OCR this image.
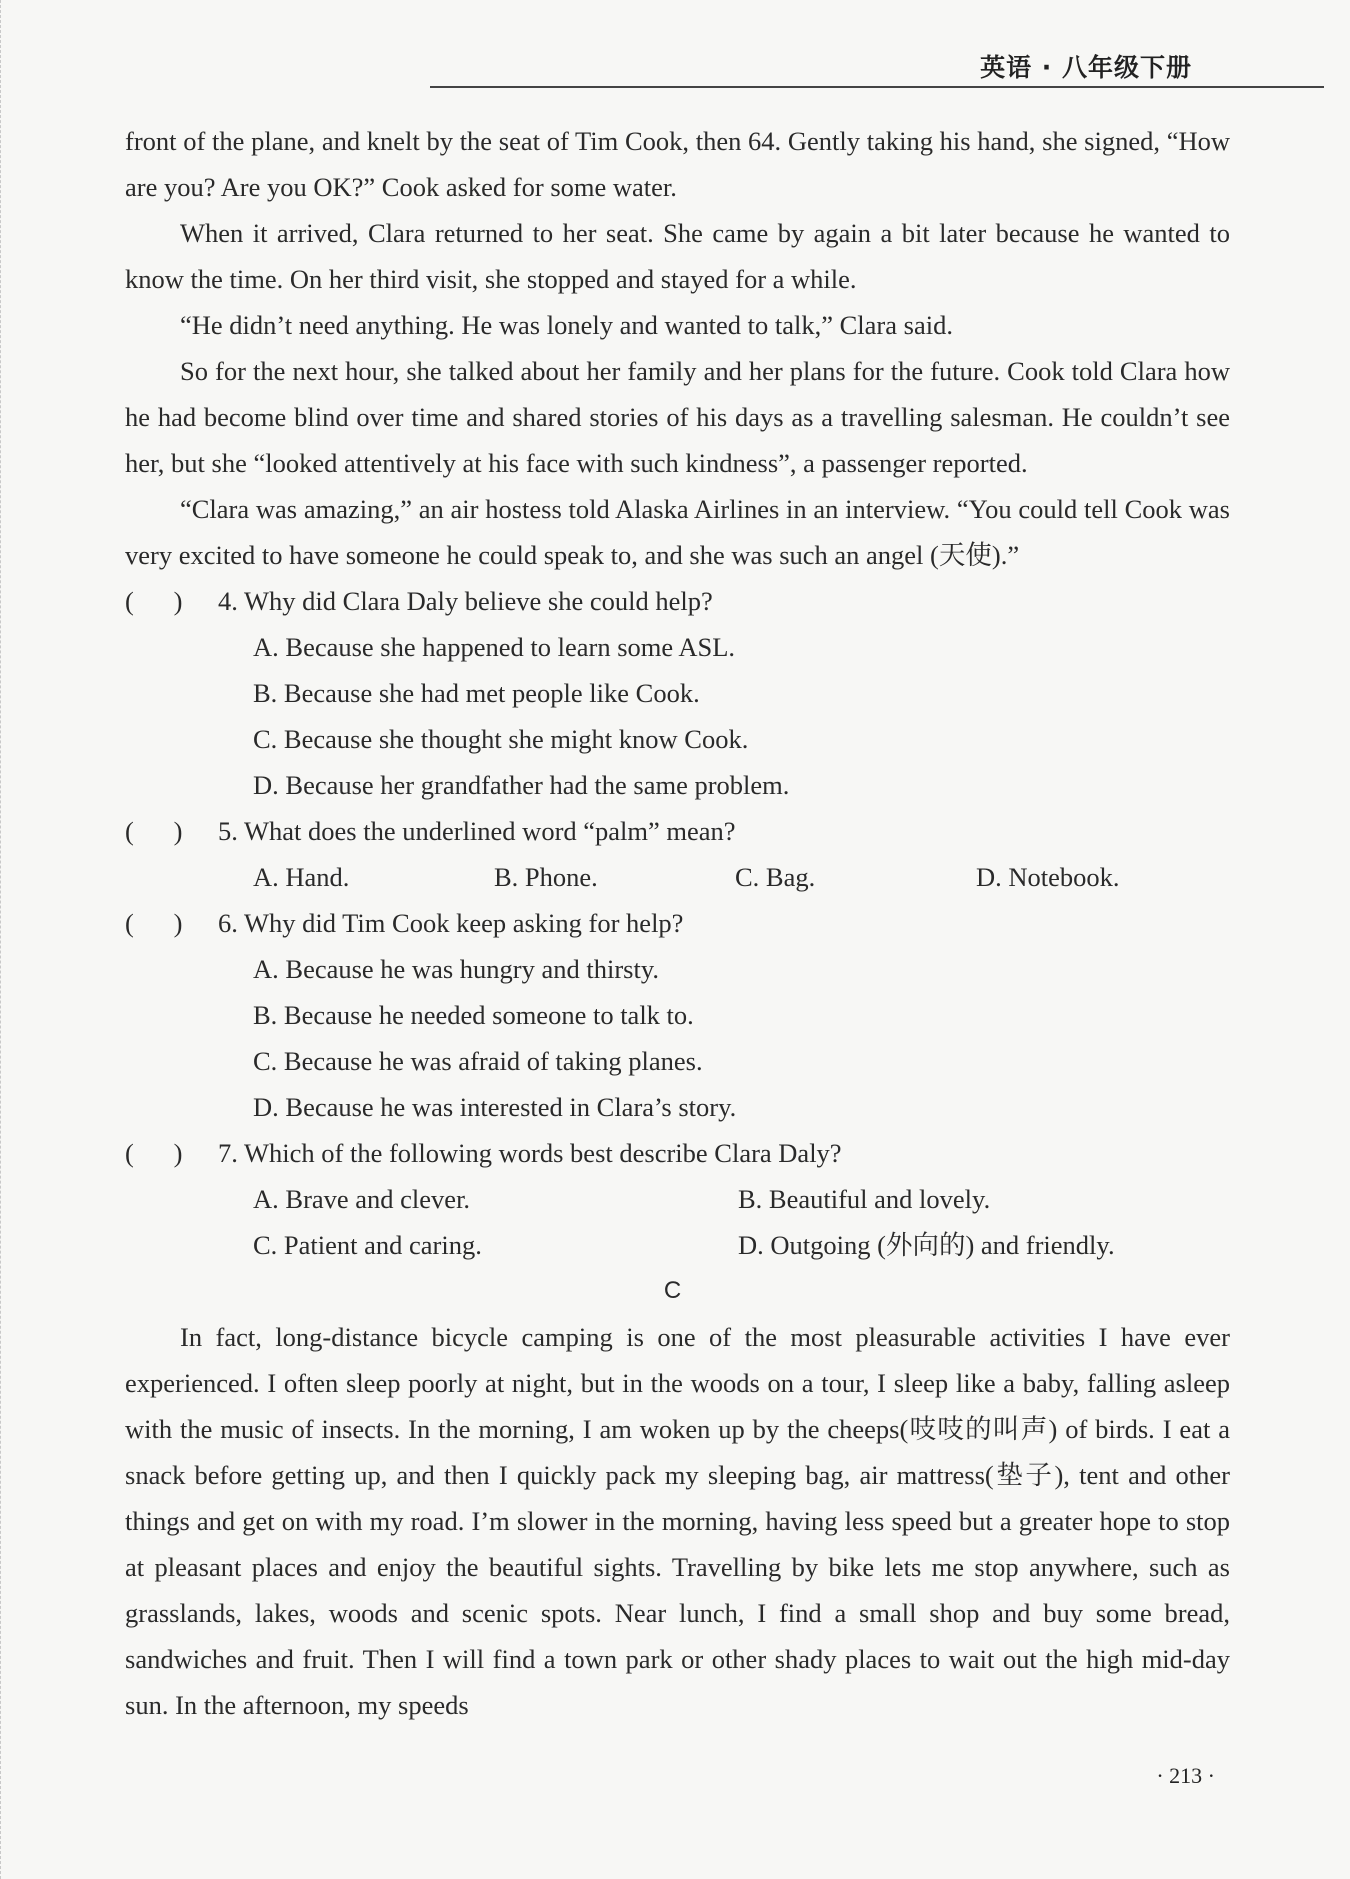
英语 · 八年级下册

front of the plane, and knelt by the seat of Tim Cook, then 64. Gently taking his hand, she signed, “How are you? Are you OK?” Cook asked for some water.

When it arrived, Clara returned to her seat. She came by again a bit later because he wanted to know the time. On her third visit, she stopped and stayed for a while.

“He didn’t need anything. He was lonely and wanted to talk,” Clara said.

So for the next hour, she talked about her family and her plans for the future. Cook told Clara how he had become blind over time and shared stories of his days as a travelling salesman. He couldn’t see her, but she “looked attentively at his face with such kindness”, a passenger reported.

“Clara was amazing,” an air hostess told Alaska Airlines in an interview. “You could tell Cook was very excited to have someone he could speak to, and she was such an angel (天使).”

(      )	4. Why did Clara Daly believe she could help?

A. Because she happened to learn some ASL.

B. Because she had met people like Cook.

C. Because she thought she might know Cook.

D. Because her grandfather had the same problem.

(      )	5. What does the underlined word “palm” mean?
A. Hand.	B. Phone.	C. Bag.	D. Notebook.
(      )	6. Why did Tim Cook keep asking for help?

A. Because he was hungry and thirsty.

B. Because he needed someone to talk to.

C. Because he was afraid of taking planes.

D. Because he was interested in Clara’s story.

(      )	7. Which of the following words best describe Clara Daly?
A. Brave and clever.	B. Beautiful and lovely.
C. Patient and caring.	D. Outgoing (外向的) and friendly.

C

In fact, long-distance bicycle camping is one of the most pleasurable activities I have ever experienced. I often sleep poorly at night, but in the woods on a tour, I sleep like a baby, falling asleep with the music of insects. In the morning, I am woken up by the cheeps(吱吱的叫声) of birds. I eat a snack before getting up, and then I quickly pack my sleeping bag, air mattress(垫子), tent and other things and get on with my road. I’m slower in the morning, having less speed but a greater hope to stop at pleasant places and enjoy the beautiful sights. Travelling by bike lets me stop anywhere, such as grasslands, lakes, woods and scenic spots. Near lunch, I find a small shop and buy some bread, sandwiches and fruit. Then I will find a town park or other shady places to wait out the high mid-day sun. In the afternoon, my speeds

· 213 ·
